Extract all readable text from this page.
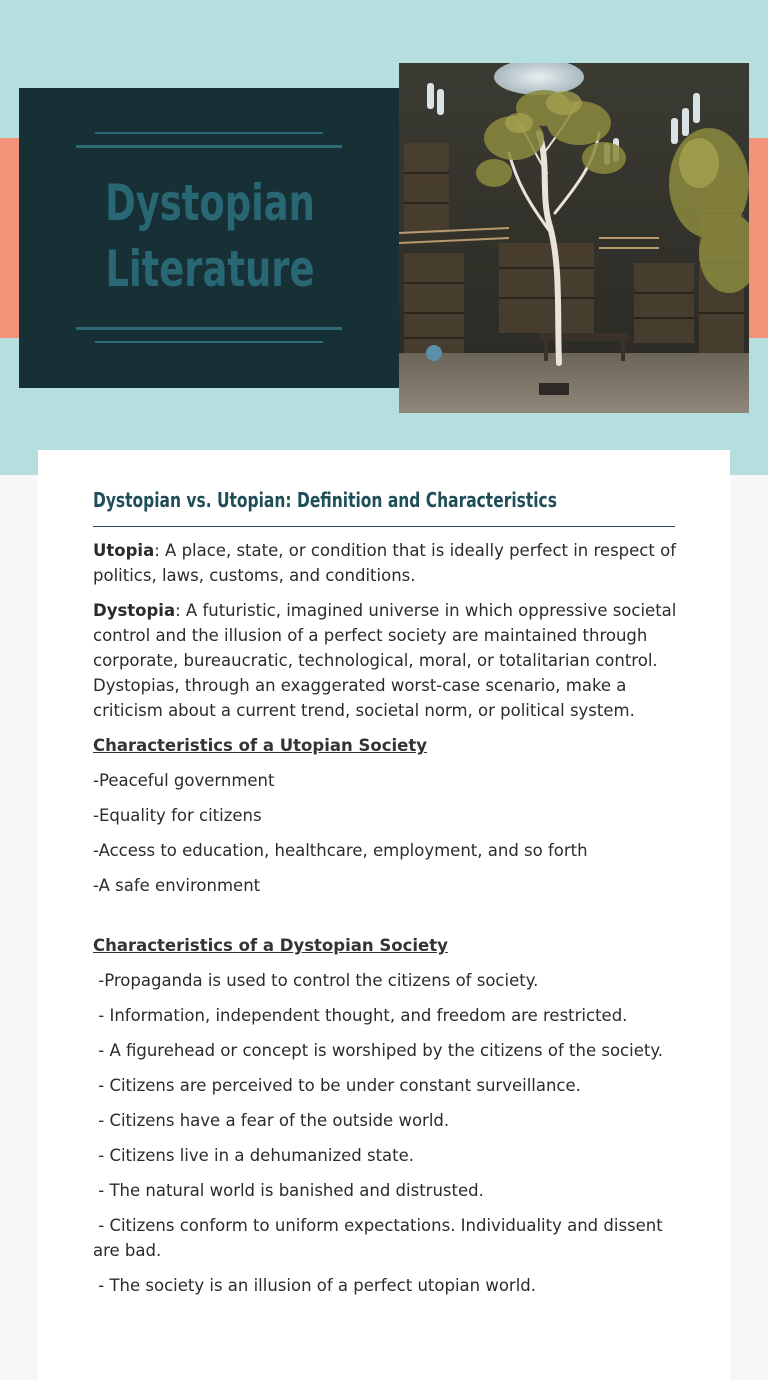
Dystopian
Literature
Dystopian vs. Utopian: Definition and Characteristics

Utopia: A place, state, or condition that is ideally perfect in respect of politics, laws, customs, and conditions.

Dystopia: A futuristic, imagined universe in which oppressive societal control and the illusion of a perfect society are maintained through corporate, bureaucratic, technological, moral, or totalitarian control. Dystopias, through an exaggerated worst-case scenario, make a criticism about a current trend, societal norm, or political system.

Characteristics of a Utopian Society

-Peaceful government

-Equality for citizens

-Access to education, healthcare, employment, and so forth

-A safe environment

Characteristics of a Dystopian Society

-Propaganda is used to control the citizens of society.

- Information, independent thought, and freedom are restricted.

- A figurehead or concept is worshiped by the citizens of the society.

- Citizens are perceived to be under constant surveillance.

- Citizens have a fear of the outside world.

- Citizens live in a dehumanized state.

- The natural world is banished and distrusted.

- Citizens conform to uniform expectations. Individuality and dissent are bad.

- The society is an illusion of a perfect utopian world.
